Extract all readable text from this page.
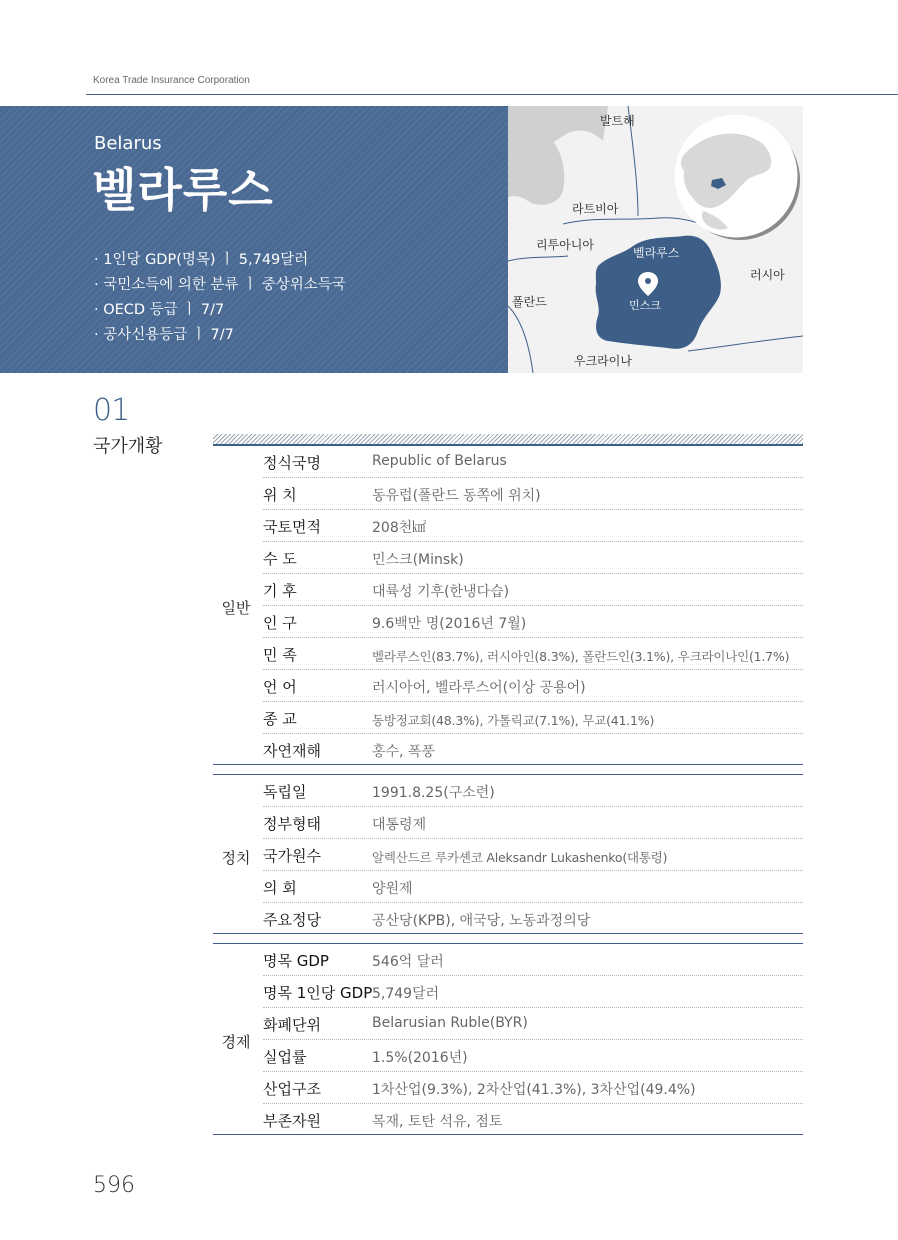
Korea Trade Insurance Corporation
Belarus
벨라루스
· 1인당 GDP(명목) ㅣ 5,749달러
· 국민소득에 의한 분류 ㅣ 중상위소득국
· OECD 등급 ㅣ 7/7
· 공사신용등급 ㅣ 7/7
발트해
라트비아
리투아니아
벨라루스
러시아
폴란드	민스크
우크라이나
01
국가개황
일반
정식국명	Republic of Belarus
위 치	동유럽(폴란드 동쪽에 위치)
국토면적	208천㎢
수 도	민스크(Minsk)
기 후	대륙성 기후(한냉다습)
인 구	9.6백만 명(2016년 7월)
민 족	벨라루스인(83.7%), 러시아인(8.3%), 폴란드인(3.1%), 우크라이나인(1.7%)
언 어	러시아어, 벨라루스어(이상 공용어)
종 교	동방정교회(48.3%), 가톨릭교(7.1%), 무교(41.1%)
자연재해	홍수, 폭풍
정치
독립일	1991.8.25(구소련)
정부형태	대통령제
국가원수	알렉산드르 루카셴코 Aleksandr Lukashenko(대통령)
의 회	양원제
주요정당	공산당(KPB), 애국당, 노동과정의당
경제
명목 GDP	546억 달러
명목 1인당 GDP 5,749달러
화폐단위	Belarusian Ruble(BYR)
실업률	1.5%(2016년)
산업구조	1차산업(9.3%), 2차산업(41.3%), 3차산업(49.4%)
부존자원	목재, 토탄 석유, 점토
596
